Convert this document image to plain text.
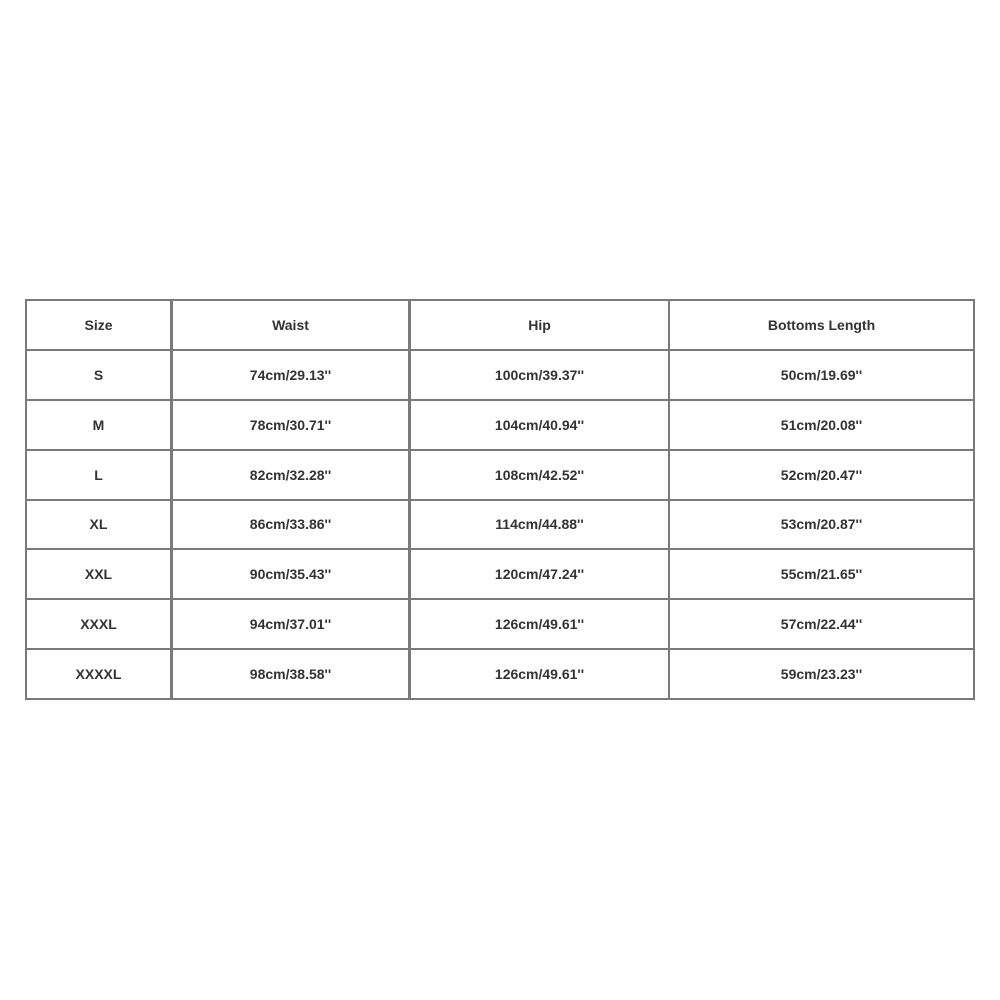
Size	Waist	Hip	Bottoms Length
S	74cm/29.13''	100cm/39.37''	50cm/19.69''
M	78cm/30.71''	104cm/40.94''	51cm/20.08''
L	82cm/32.28''	108cm/42.52''	52cm/20.47''
XL	86cm/33.86''	114cm/44.88''	53cm/20.87''
XXL	90cm/35.43''	120cm/47.24''	55cm/21.65''
XXXL	94cm/37.01''	126cm/49.61''	57cm/22.44''
XXXXL	98cm/38.58''	126cm/49.61''	59cm/23.23''
